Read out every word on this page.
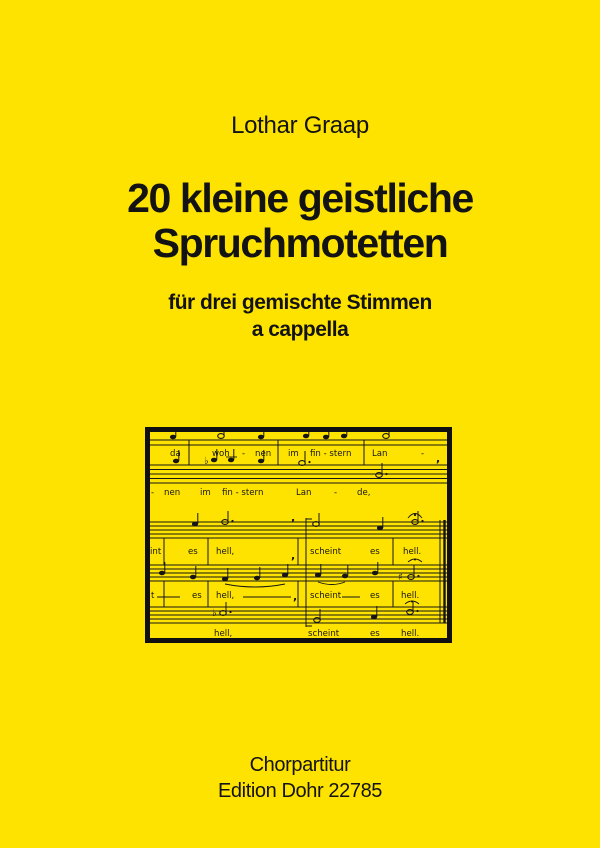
Lothar Graap
20 kleine geistliche
Spruchmotetten
für drei gemischte Stimmen
a cappella
♭	,
,
♯
♭
da	woh - nen im fin - stern Lan	-
- nen im fin - stern	Lan	- de,
int	es hell,	, scheint	es	hell.
t	es hell,	, scheint	es hell.
hell,	scheint	es hell.
Chorpartitur
Edition Dohr 22785
